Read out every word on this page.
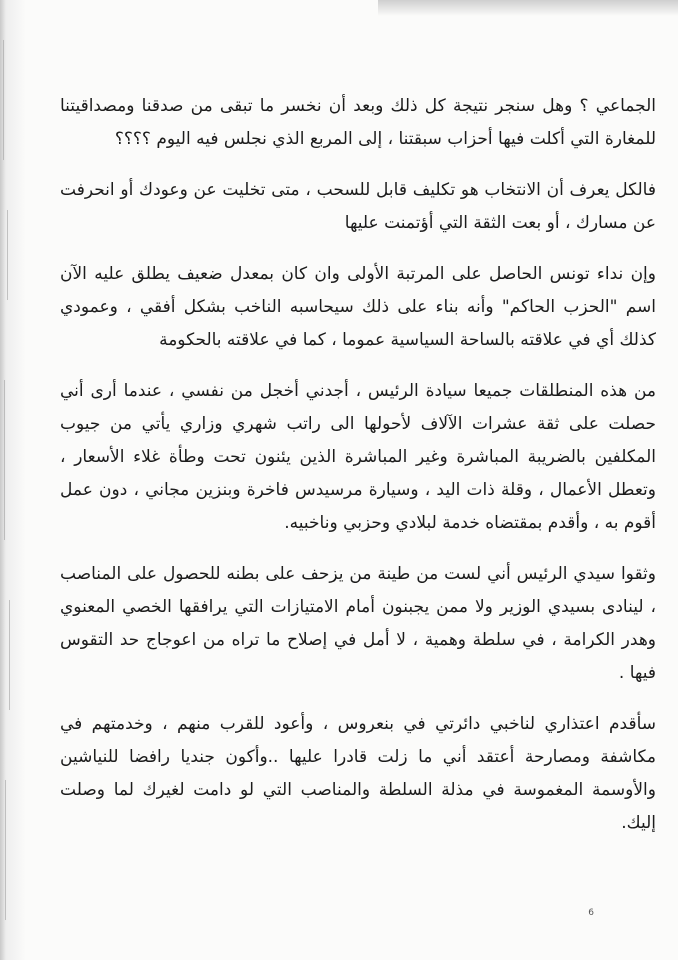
الجماعي ؟ وهل سنجر نتيجة كل ذلك وبعد أن نخسر ما تبقى من صدقنا ومصداقيتنا للمغارة التي أكلت فيها أحزاب سبقتنا ، إلى المربع الذي نجلس فيه اليوم ؟؟؟؟

فالكل يعرف أن الانتخاب هو تكليف قابل للسحب ، متى تخليت عن وعودك أو انحرفت عن مسارك ، أو بعت الثقة التي أؤتمنت عليها

وإن نداء تونس الحاصل على المرتبة الأولى وان كان بمعدل ضعيف يطلق عليه الآن اسم "الحزب الحاكم" وأنه بناء على ذلك سيحاسبه الناخب بشكل أفقي ، وعمودي كذلك أي في علاقته بالساحة السياسية عموما ، كما في علاقته بالحكومة

من هذه المنطلقات جميعا سيادة الرئيس ، أجدني أخجل من نفسي ، عندما أرى أني حصلت على ثقة عشرات الآلاف لأحولها الى راتب شهري وزاري يأتي من جيوب المكلفين بالضريبة المباشرة وغير المباشرة الذين يئنون تحت وطأة غلاء الأسعار ، وتعطل الأعمال ، وقلة ذات اليد ، وسيارة مرسيدس فاخرة وبنزين مجاني ، دون عمل أقوم به ، وأقدم بمقتضاه خدمة لبلادي وحزبي وناخبيه.

وثقوا سيدي الرئيس أني لست من طينة من يزحف على بطنه للحصول على المناصب ، لينادى بسيدي الوزير ولا ممن يجبنون أمام الامتيازات التي يرافقها الخصي المعنوي وهدر الكرامة ، في سلطة وهمية ، لا أمل في إصلاح ما تراه من اعوجاج حد التقوس فيها .

سأقدم اعتذاري لناخبي دائرتي في بنعروس ، وأعود للقرب منهم ، وخدمتهم في مكاشفة ومصارحة أعتقد أني ما زلت قادرا عليها ..وأكون جنديا رافضا للنياشين والأوسمة المغموسة في مذلة السلطة والمناصب التي لو دامت لغيرك لما وصلت إليك.

6
